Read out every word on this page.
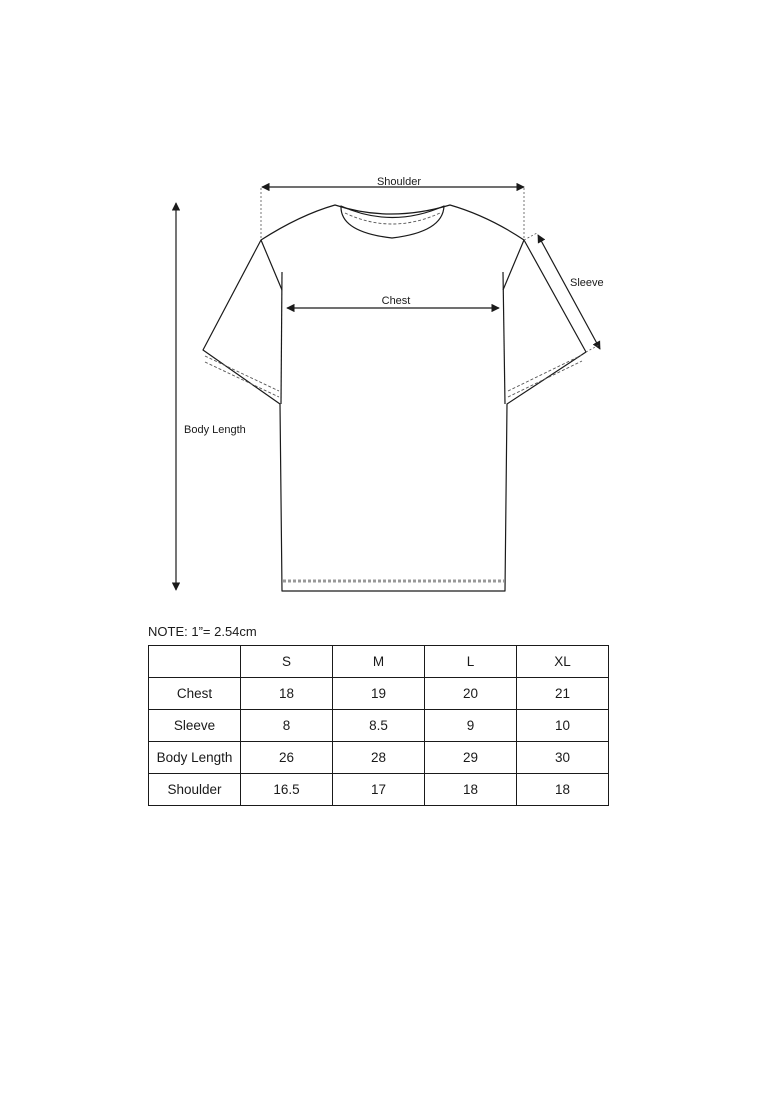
Shoulder
Chest
Sleeve
Body Length
NOTE: 1”= 2.54cm
	S	M	L	XL
Chest	18	19	20	21
Sleeve	8	8.5	9	10
Body Length	26	28	29	30
Shoulder	16.5	17	18	18
